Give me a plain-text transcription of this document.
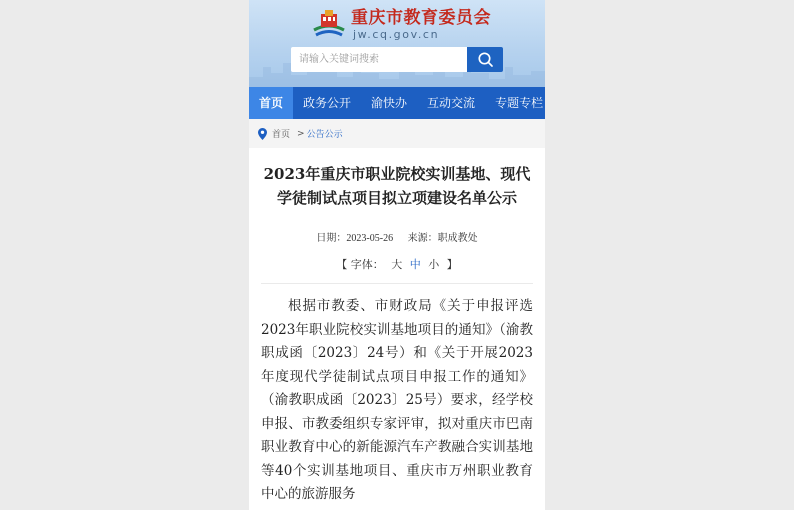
重庆市教育委员会
jw.cq.gov.cn
请输入关键词搜索
首页	政务公开	渝快办	互动交流	专题专栏
首页 > 公告公示
2023年重庆市职业院校实训基地、现代学徒制试点项目拟立项建设名单公示
日期：2023-05-26 来源：职成教处
【 字体： 大 中 小 】

根据市教委、市财政局《关于申报评选2023年职业院校实训基地项目的通知》（渝教职成函〔2023〕24号）和《关于开展2023年度现代学徒制试点项目申报工作的通知》（渝教职成函〔2023〕25号）要求，经学校申报、市教委组织专家评审，拟对重庆市巴南职业教育中心的新能源汽车产教融合实训基地等40个实训基地项目、重庆市万州职业教育中心的旅游服务
